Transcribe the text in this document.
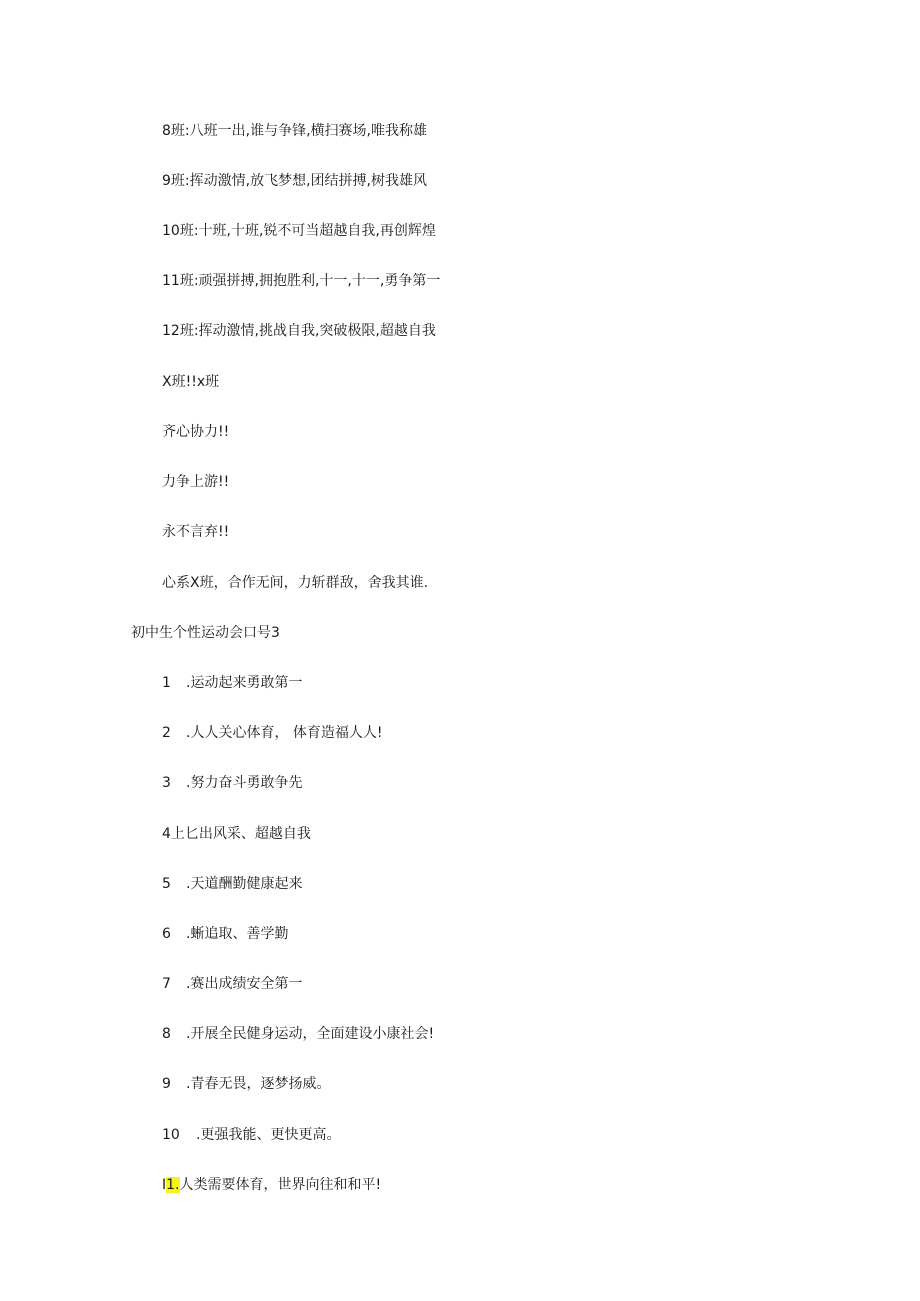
8班:八班一出,谁与争锋,横扫赛场,唯我称雄
9班:挥动激情,放飞梦想,团结拼搏,树我雄风
10班:十班,十班,锐不可当超越自我,再创辉煌
11班:顽强拼搏,拥抱胜利,十一,十一,勇争第一
12班:挥动激情,挑战自我,突破极限,超越自我
X班!!x班
齐心协力!!
力争上游!!
永不言弃!!
心系X班，合作无间，力斩群敌，舍我其谁.
初中生个性运动会口号3
1 .运动起来勇敢第一
2 .人人关心体育， 体育造福人人!
3 .努力奋斗勇敢争先
4上匕出风采、超越自我
5 .天道酬勤健康起来
6 .蜥追取、善学勤
7 .赛出成绩安全第一
8 .开展全民健身运动，全面建设小康社会!
9 .青春无畏，逐梦扬威。
10 .更强我能、更快更高。
I1.人类需要体育，世界向往和和平!
